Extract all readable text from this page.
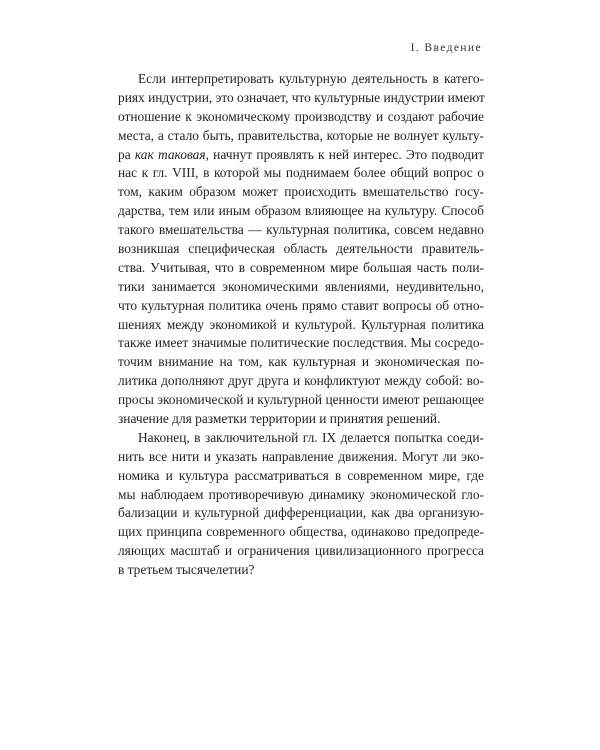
I. Введение
Если интерпретировать культурную деятельность в катего-
риях индустрии, это означает, что культурные индустрии имеют
отношение к экономическому производству и создают рабочие
места, а стало быть, правительства, которые не волнует культу-
ра как таковая, начнут проявлять к ней интерес. Это подводит
нас к гл. VIII, в которой мы поднимаем более общий вопрос о
том, каким образом может происходить вмешательство госу-
дарства, тем или иным образом влияющее на культуру. Способ
такого вмешательства — культурная политика, совсем недавно
возникшая специфическая область деятельности правитель-
ства. Учитывая, что в современном мире большая часть поли-
тики занимается экономическими явлениями, неудивительно,
что культурная политика очень прямо ставит вопросы об отно-
шениях между экономикой и культурой. Культурная политика
также имеет значимые политические последствия. Мы сосредо-
точим внимание на том, как культурная и экономическая по-
литика дополняют друг друга и конфликтуют между собой: во-
просы экономической и культурной ценности имеют решающее
значение для разметки территории и принятия решений.
Наконец, в заключительной гл. IX делается попытка соеди-
нить все нити и указать направление движения. Могут ли эко-
номика и культура рассматриваться в современном мире, где
мы наблюдаем противоречивую динамику экономической гло-
бализации и культурной дифференциации, как два организую-
щих принципа современного общества, одинаково предопреде-
ляющих масштаб и ограничения цивилизационного прогресса
в третьем тысячелетии?
